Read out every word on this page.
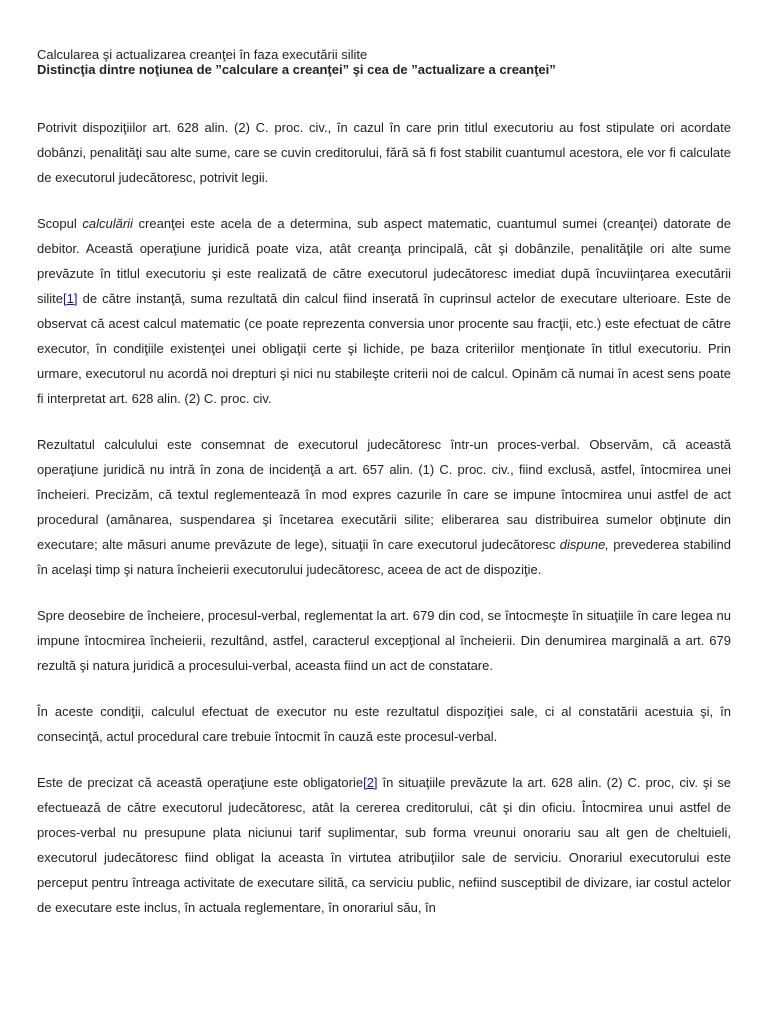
Calcularea şi actualizarea creanţei în faza executării silite

Distincţia dintre noţiunea de ”calculare a creanţei” şi cea de ”actualizare a creanţei”

Potrivit dispoziţiilor art. 628 alin. (2) C. proc. civ., în cazul în care prin titlul executoriu au fost stipulate ori acordate dobânzi, penalităţi sau alte sume, care se cuvin creditorului, fără să fi fost stabilit cuantumul acestora, ele vor fi calculate de executorul judecătoresc, potrivit legii.

Scopul calculării creanţei este acela de a determina, sub aspect matematic, cuantumul sumei (creanţei) datorate de debitor. Această operaţiune juridică poate viza, atât creanţa principală, cât şi dobânzile, penalităţile ori alte sume prevăzute în titlul executoriu şi este realizată de către executorul judecătoresc imediat după încuviinţarea executării silite[1] de către instanţă, suma rezultată din calcul fiind inserată în cuprinsul actelor de executare ulterioare. Este de observat că acest calcul matematic (ce poate reprezenta conversia unor procente sau fracţii, etc.) este efectuat de către executor, în condiţiile existenţei unei obligaţii certe şi lichide, pe baza criteriilor menţionate în titlul executoriu. Prin urmare, executorul nu acordă noi drepturi şi nici nu stabileşte criterii noi de calcul. Opinăm că numai în acest sens poate fi interpretat art. 628 alin. (2) C. proc. civ.

Rezultatul calculului este consemnat de executorul judecătoresc într-un proces-verbal. Observăm, că această operaţiune juridică nu intră în zona de incidenţă a art. 657 alin. (1) C. proc. civ., fiind exclusă, astfel, întocmirea unei încheieri. Precizăm, că textul reglementează în mod expres cazurile în care se impune întocmirea unui astfel de act procedural (amânarea, suspendarea şi încetarea executării silite; eliberarea sau distribuirea sumelor obţinute din executare; alte măsuri anume prevăzute de lege), situaţii în care executorul judecătoresc dispune, prevederea stabilind în acelaşi timp şi natura încheierii executorului judecătoresc, aceea de act de dispoziţie.

Spre deosebire de încheiere, procesul-verbal, reglementat la art. 679 din cod, se întocmeşte în situaţiile în care legea nu impune întocmirea încheierii, rezultând, astfel, caracterul excepţional al încheierii. Din denumirea marginală a art. 679 rezultă şi natura juridică a procesului-verbal, aceasta fiind un act de constatare.

În aceste condiţii, calculul efectuat de executor nu este rezultatul dispoziţiei sale, ci al constatării acestuia şi, în consecinţă, actul procedural care trebuie întocmit în cauză este procesul-verbal.

Este de precizat că această operaţiune este obligatorie[2] în situaţiile prevăzute la art. 628 alin. (2) C. proc, civ. şi se efectuează de către executorul judecătoresc, atât la cererea creditorului, cât şi din oficiu. Întocmirea unui astfel de proces-verbal nu presupune plata niciunui tarif suplimentar, sub forma vreunui onorariu sau alt gen de cheltuieli, executorul judecătoresc fiind obligat la aceasta în virtutea atribuţiilor sale de serviciu. Onorariul executorului este perceput pentru întreaga activitate de executare silită, ca serviciu public, nefiind susceptibil de divizare, iar costul actelor de executare este inclus, în actuala reglementare, în onorariul său, în
